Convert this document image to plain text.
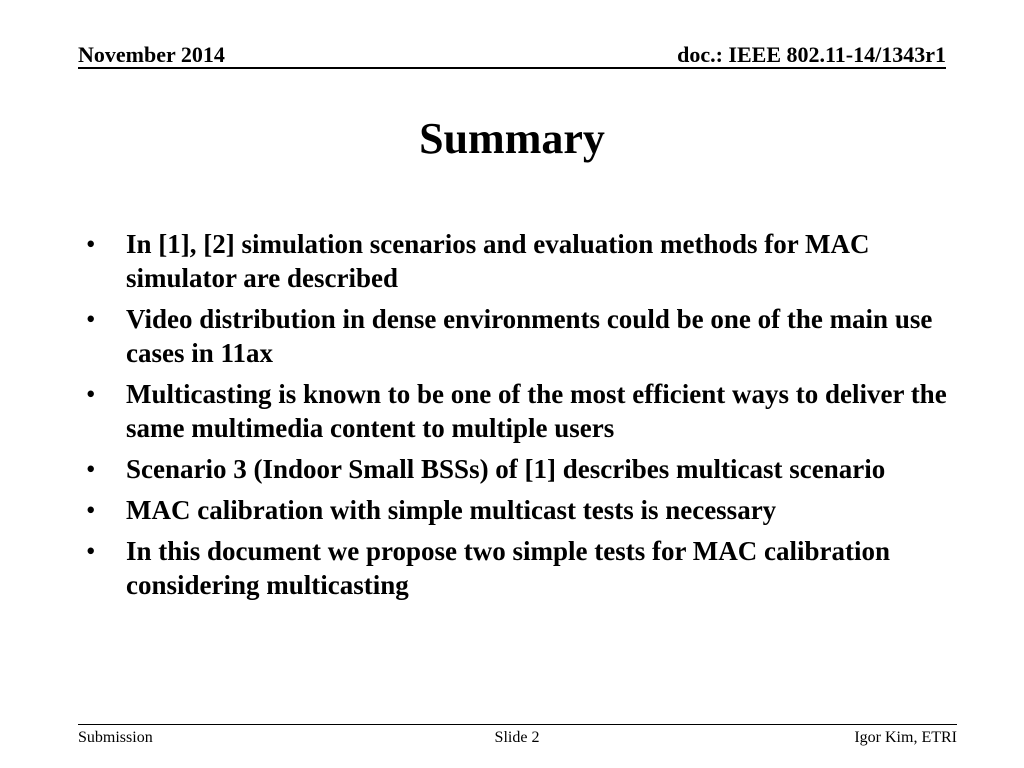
November 2014	doc.: IEEE 802.11-14/1343r1
Summary
• In [1], [2] simulation scenarios and evaluation methods for MAC simulator are described
• Video distribution in dense environments could be one of the main use cases in 11ax
• Multicasting is known to be one of the most efficient ways to deliver the same multimedia content to multiple users
• Scenario 3 (Indoor Small BSSs) of [1] describes multicast scenario
• MAC calibration with simple multicast tests is necessary
• In this document we propose two simple tests for MAC calibration considering multicasting
Submission	Slide 2	Igor Kim, ETRI
